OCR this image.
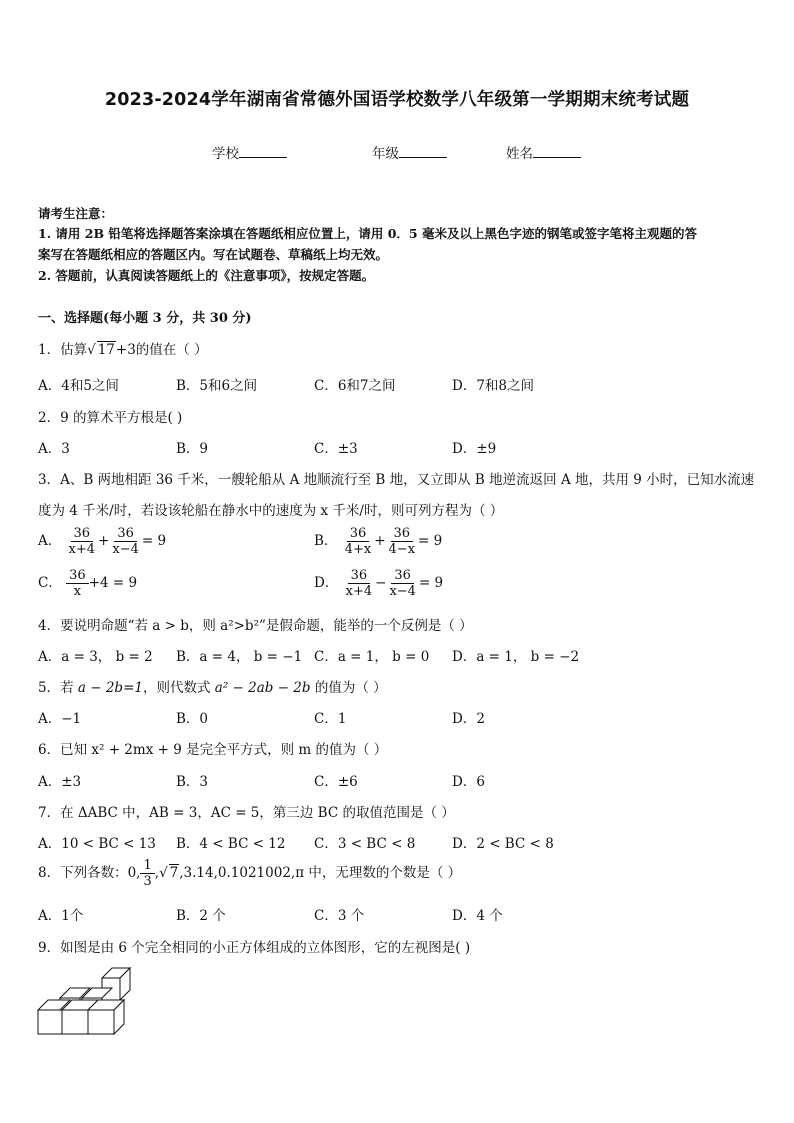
2023-2024学年湖南省常德外国语学校数学八年级第一学期期末统考试题
学校	年级	姓名
请考生注意：
1. 请用 2B 铅笔将选择题答案涂填在答题纸相应位置上，请用 0．5 毫米及以上黑色字迹的钢笔或签字笔将主观题的答
案写在答题纸相应的答题区内。写在试题卷、草稿纸上均无效。
2. 答题前，认真阅读答题纸上的《注意事项》，按规定答题。
一、选择题(每小题 3 分，共 30 分)
1．估算√ 17+3的值在（ ）
A．4和5之间	B．5和6之间	C．6和7之间	D．7和8之间
2．9 的算术平方根是( )
A．3	B．9	C．±3	D．±9
3．A、B 两地相距 36 千米，一艘轮船从 A 地顺流行至 B 地，又立即从 B 地逆流返回 A 地，共用 9 小时，已知水流速
度为 4 千米/时，若设该轮船在静水中的速度为 x 千米/时，则可列方程为（ ）
A． $\frac{36}{x+4} + \frac{36}{x-4} = 9$	B． $\frac{36}{4+x} + \frac{36}{4-x} = 9$
C． $\frac{36}{x} +4 = 9$	D． $\frac{36}{x+4} - \frac{36}{x-4} = 9$
4．要说明命题“若 a > b，则 a²>b²”是假命题，能举的一个反例是（ ）
A．a = 3， b = 2 B．a = 4， b = −1 C．a = 1， b = 0 D．a = 1， b = −2
5．若 a − 2b=1，则代数式 a² − 2ab − 2b 的值为（ ）
A．−1	B．0	C．1	D．2
6．已知 x² + 2mx + 9 是完全平方式，则 m 的值为（ ）
A．±3	B．3	C．±6	D．6
7．在 ΔABC 中，AB = 3，AC = 5，第三边 BC 的取值范围是（ ）
A．10 < BC < 13 B．4 < BC < 12 C．3 < BC < 8	D．2 < BC < 8
8．下列各数：0, $\frac{1}{3}$ ,√ 7,3.14,0.1021002,π 中，无理数的个数是（ ）
A．1个	B．2 个	C．3 个	D．4 个
9．如图是由 6 个完全相同的小正方体组成的立体图形，它的左视图是( )
